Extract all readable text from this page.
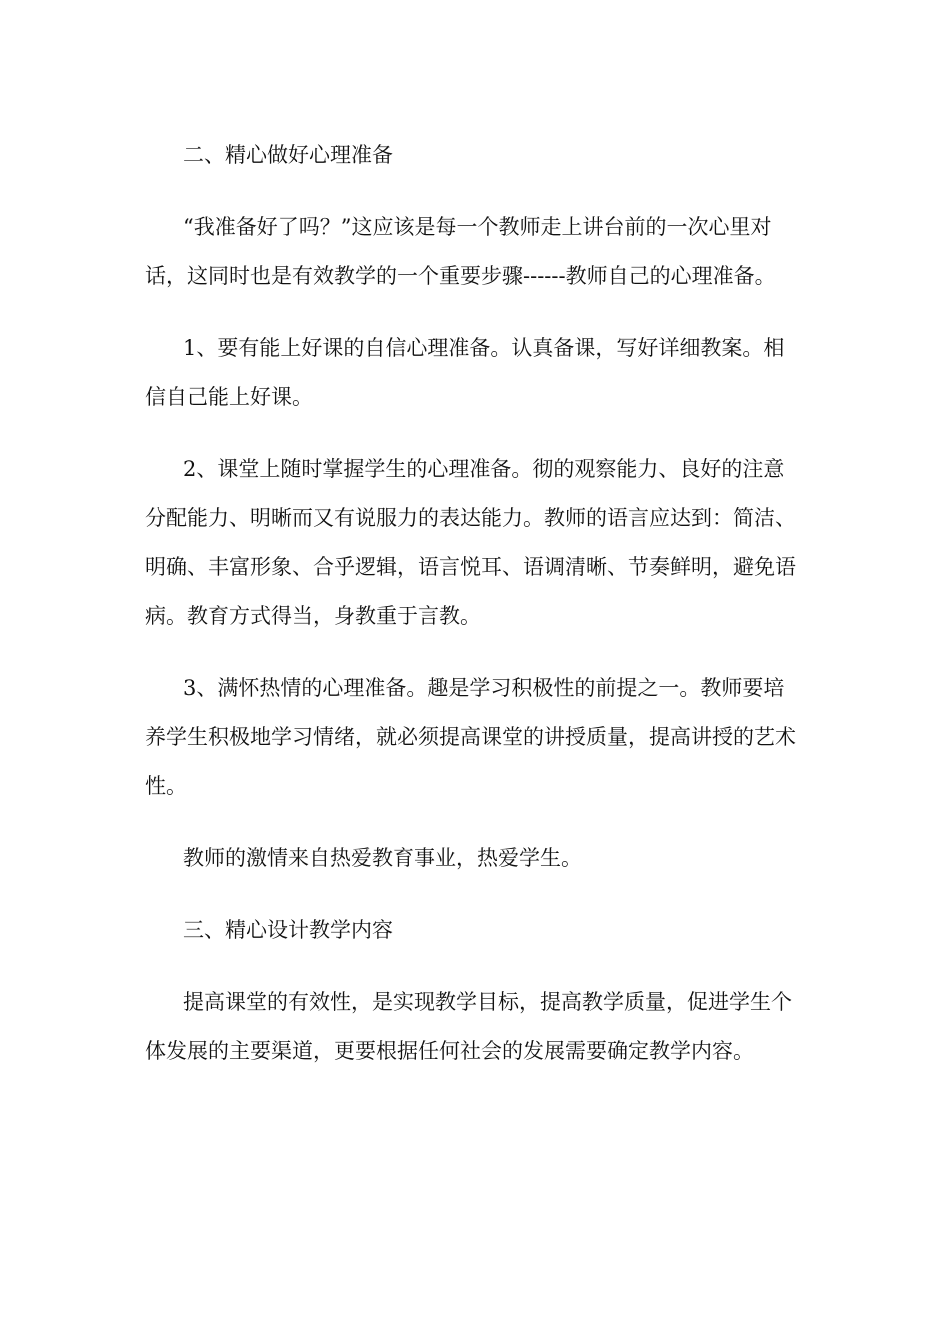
二、精心做好心理准备

“我准备好了吗？”这应该是每一个教师走上讲台前的一次心里对话，这同时也是有效教学的一个重要步骤------教师自己的心理准备。

1、要有能上好课的自信心理准备。认真备课，写好详细教案。相信自己能上好课。

2、课堂上随时掌握学生的心理准备。彻的观察能力、良好的注意分配能力、明晰而又有说服力的表达能力。教师的语言应达到：简洁、明确、丰富形象、合乎逻辑，语言悦耳、语调清晰、节奏鲜明，避免语病。教育方式得当，身教重于言教。

3、满怀热情的心理准备。趣是学习积极性的前提之一。教师要培养学生积极地学习情绪，就必须提高课堂的讲授质量，提高讲授的艺术性。

教师的激情来自热爱教育事业，热爱学生。

三、精心设计教学内容

提高课堂的有效性，是实现教学目标，提高教学质量，促进学生个体发展的主要渠道，更要根据任何社会的发展需要确定教学内容。
